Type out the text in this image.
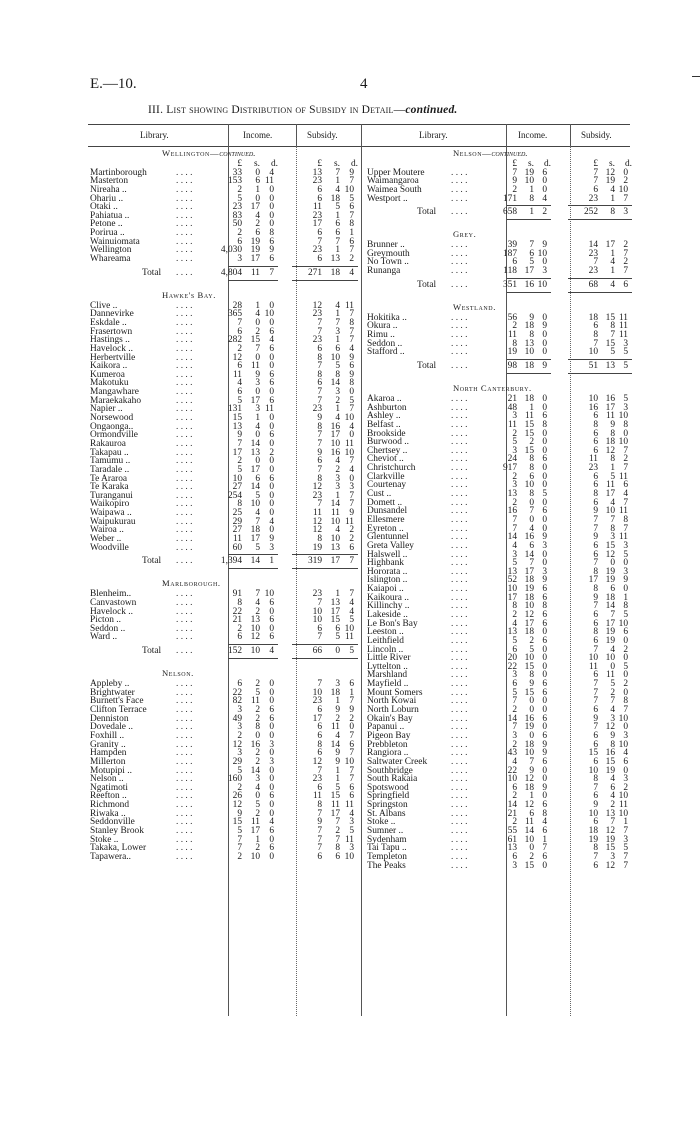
E.—10.	4
III. List showing Distribution of Subsidy in Detail—continued.
Library.	Income.	Subsidy.	Library.	Income.	Subsidy.
Wellington—continued.
£	s.	d.	£	s.	d.
Martinborough	. . . .	33	0 4	13	7 9
Masterton	. . . .	153	6 11	23	1 7
Nireaha ..	. . . .	2	1 0	6	4 10
Ohariu ..	. . . .	5	0 0	6 18 5
Otaki ..	. . . .	23 17 0	11	5 6
Pahiatua ..	. . . .	83	4 0	23	1 7
Petone ..	. . . .	50	2 0	17	6 8
Porirua ..	. . . .	2	6 8	6	6 1
Wainuiomata	. . . .	6 19 6	7	7 6
Wellington	. . . .	4,030 19 9	23	1 7
Whareama	. . . .	3 17 6	6 13 2
Total . . . .	4,804 11 7	271 18 4
Hawke's Bay.
Clive ..	. . . .	28	1 0	12	4 11
Dannevirke	. . . .	365	4 10	23	1 7
Eskdale ..	. . . .	7	0 0	7	7 8
Frasertown	. . . .	6	2 6	7	3 7
Hastings ..	. . . .	282 15 4	23	1 7
Havelock ..	. . . .	2	7 6	6	6 4
Herbertville	. . . .	12	0 0	8 10 9
Kaikora ..	. . . .	6 11 0	7	5 6
Kumeroa	. . . .	11	9 6	8	8 9
Makotuku	. . . .	4	3 6	6 14 8
Mangawhare	. . . .	6	0 0	7	3 0
Maraekakaho	. . . .	5 17 6	7	2 5
Napier ..	. . . .	131	3 11	23	1 7
Norsewood	. . . .	15	1 0	9	4 10
Ongaonga..	. . . .	13	4 0	8 16 4
Ormondville	. . . .	9	0 6	7 17 0
Rakauroa	. . . .	7 14 0	7 10 11
Takapau ..	. . . .	17 13 2	9 16 10
Tamumu ..	. . . .	2	0 0	6	4 7
Taradale ..	. . . .	5 17 0	7	2 4
Te Araroa	. . . .	10	6 6	8	3 0
Te Karaka	. . . .	27 14 0	12	3 3
Turanganui	. . . .	254	5 0	23	1 7
Waikopiro	. . . .	8 10 0	7 14 7
Waipawa ..	. . . .	25	4 0	11 11 9
Waipukurau	. . . .	29	7 4	12 10 11
Wairoa ..	. . . .	27 18 0	12	4 2
Weber ..	. . . .	11 17 9	8 10 2
Woodville	. . . .	60	5 3	19 13 6
Total . . . .	1,394 14 1	319 17 7
Marlborough.
Blenheim..	. . . .	91	7 10	23	1 7
Canvastown	. . . .	8	4 6	7 13 4
Havelock ..	. . . .	22	2 0	10 17 4
Picton ..	. . . .	21 13 6	10 15 5
Seddon ..	. . . .	2 10 0	6	6 10
Ward ..	. . . .	6 12 6	7	5 11
Total . . . .	152 10 4	66	0 5
Nelson.
Appleby ..	. . . .	6	2 0	7	3 6
Brightwater	. . . .	22	5 0	10 18 1
Burnett's Face	. . . .	82 11 0	23	1 7
Clifton Terrace	. . . .	3	2 6	6	9 9
Denniston	. . . .	49	2 6	17	2 2
Dovedale ..	. . . .	3	8 0	6 11 0
Foxhill ..	. . . .	2	0 0	6	4 7
Granity ..	. . . .	12 16 3	8 14 6
Hampden	. . . .	3	2 0	6	9 7
Millerton	. . . .	29	2 3	12	9 10
Motupipi ..	. . . .	5 14 0	7	1 7
Nelson ..	. . . .	160	3 0	23	1 7
Ngatimoti	. . . .	2	4 0	6	5 6
Reefton ..	. . . .	26	0 6	11 15 6
Richmond	. . . .	12	5 0	8 11 11
Riwaka ..	. . . .	9	2 0	7 17 4
Seddonville	. . . .	15 11 4	9	7 3
Stanley Brook	. . . .	5 17 6	7	2 5
Stoke ..	. . . .	7	1 0	7	7 11
Takaka, Lower	. . . .	7	2 6	7	8 3
Tapawera..	. . . .	2 10 0	6	6 10
Nelson—continued.
£	s.	d.	£	s.	d.
Upper Moutere	. . . .	7 19 6	7 12 0
Waimangaroa	. . . .	9 10 0	7 19 2
Waimea South	. . . .	2	1 0	6	4 10
Westport ..	. . . .	171	8 4	23	1 7
Total . . . .	658	1 2	252	8 3
Grey.
Brunner ..	. . . .	39	7 9	14 17 2
Greymouth	. . . .	187	6 10	23	1 7
No Town ..	. . . .	6	5 0	7	4 2
Runanga	. . . .	118 17 3	23	1 7
Total . . . .	351 16 10	68	4 6
Westland.
Hokitika ..	. . . .	56	9 0	18 15 11
Okura ..	. . . .	2 18 9	6	8 11
Rimu ..	. . . .	11	8 0	8	7 11
Seddon ..	. . . .	8 13 0	7 15 3
Stafford ..	. . . .	19 10 0	10	5 5
Total . . . .	98 18 9	51 13 5
North Canterbury.
Akaroa ..	. . . .	21 18 0	10 16 5
Ashburton	. . . .	48	1 0	16 17 3
Ashley ..	. . . .	3 11 6	6 11 10
Belfast ..	. . . .	11 15 8	8	9 8
Brookside	. . . .	2 15 0	6	8 0
Burwood ..	. . . .	5	2 0	6 18 10
Chertsey ..	. . . .	3 15 0	6 12 7
Cheviot ..	. . . .	24	8 6	11	8 2
Christchurch	. . . .	917	8 0	23	1 7
Clarkville	. . . .	2	6 0	6	5 11
Courtenay	. . . .	3 10 0	6 11 6
Cust ..	. . . .	13	8 5	8 17 4
Domett ..	. . . .	2	0 0	6	4 7
Dunsandel	. . . .	16	7 6	9 10 11
Ellesmere	. . . .	7	0 0	7	7 8
Eyreton ..	. . . .	7	4 0	7	8 7
Glentunnel	. . . .	14 16 9	9	3 11
Greta Valley	. . . .	4	6 3	6 15 3
Halswell ..	. . . .	3 14 0	6 12 5
Highbank	. . . .	5	7 0	7	0 0
Hororata ..	. . . .	13 17 3	8 19 3
Islington ..	. . . .	52 18 9	17 19 9
Kaiapoi ..	. . . .	10 19 6	8	6 0
Kaikoura ..	. . . .	17 18 6	9 18 1
Killinchy ..	. . . .	8 10 8	7 14 8
Lakeside ..	. . . .	2 12 6	6	7 5
Le Bon's Bay	. . . .	4 17 6	6 17 10
Leeston ..	. . . .	13 18 0	8 19 6
Leithfield	. . . .	5	2 6	6 19 0
Lincoln ..	. . . .	6	5 0	7	4 2
Little River	. . . .	20 10 0	10 10 0
Lyttelton ..	. . . .	22 15 0	11	0 5
Marshland	. . . .	3	8 0	6 11 0
Mayfield ..	. . . .	6	9 6	7	5 2
Mount Somers	. . . .	5 15 6	7	2 0
North Kowai	. . . .	7	0 0	7	7 8
North Loburn	. . . .	2	0 0	6	4 7
Okain's Bay	. . . .	14 16 6	9	3 10
Papanui ..	. . . .	7 19 0	7 12 0
Pigeon Bay	. . . .	3	0 6	6	9 3
Prebbleton	. . . .	2 18 9	6	8 10
Rangiora ..	. . . .	43 10 9	15 16 4
Saltwater Creek	. . . .	4	7 6	6 15 6
Southbridge	. . . .	22	9 0	10 19 0
South Rakaia	. . . .	10 12 0	8	4 3
Spotswood	. . . .	6 18 9	7	6 2
Springfield	. . . .	2	1 0	6	4 10
Springston	. . . .	14 12 6	9	2 11
St. Albans	. . . .	21	6 8	10 13 10
Stoke ..	. . . .	2 11 4	6	7 1
Sumner ..	. . . .	55 14 6	18 12 7
Sydenham	. . . .	61 10 1	19 19 3
Tai Tapu ..	. . . .	13	0 7	8 15 5
Templeton	. . . .	6	2 6	7	3 7
The Peaks	. . . .	3 15 0	6 12 7
